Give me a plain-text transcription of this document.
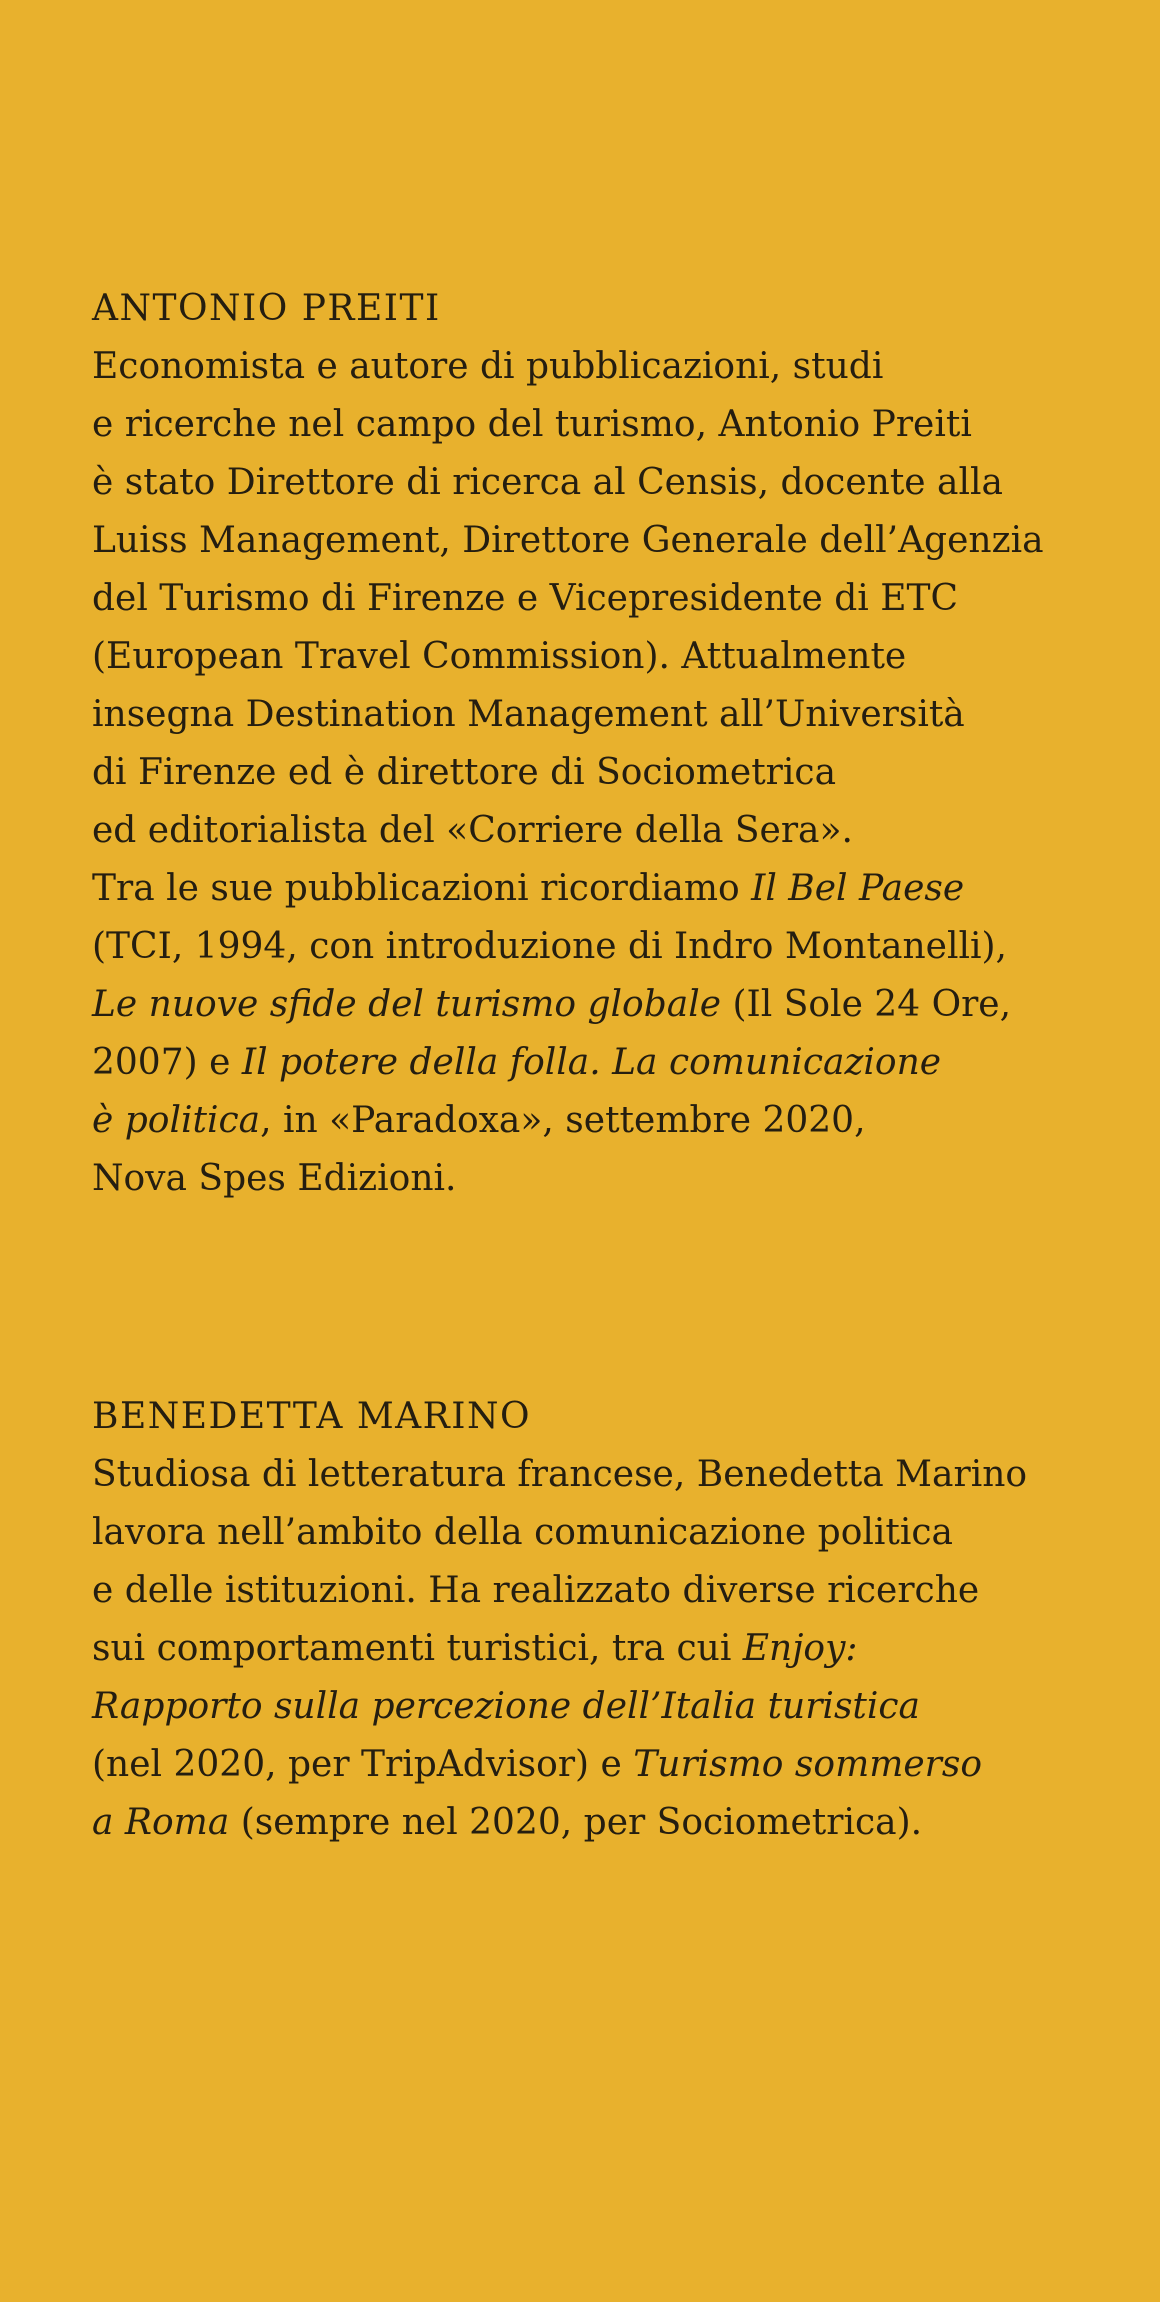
ANTONIO PREITI
Economista e autore di pubblicazioni, studi
e ricerche nel campo del turismo, Antonio Preiti
è stato Direttore di ricerca al Censis, docente alla
Luiss Management, Direttore Generale dell’Agenzia
del Turismo di Firenze e Vicepresidente di ETC
(European Travel Commission). Attualmente
insegna Destination Management all’Università
di Firenze ed è direttore di Sociometrica
ed editorialista del «Corriere della Sera».
Tra le sue pubblicazioni ricordiamo Il Bel Paese
(TCI, 1994, con introduzione di Indro Montanelli),
Le nuove sfide del turismo globale (Il Sole 24 Ore,
2007) e Il potere della folla. La comunicazione
è politica, in «Paradoxa», settembre 2020,
Nova Spes Edizioni.
BENEDETTA MARINO
Studiosa di letteratura francese, Benedetta Marino
lavora nell’ambito della comunicazione politica
e delle istituzioni. Ha realizzato diverse ricerche
sui comportamenti turistici, tra cui Enjoy:
Rapporto sulla percezione dell’Italia turistica
(nel 2020, per TripAdvisor) e Turismo sommerso
a Roma (sempre nel 2020, per Sociometrica).
